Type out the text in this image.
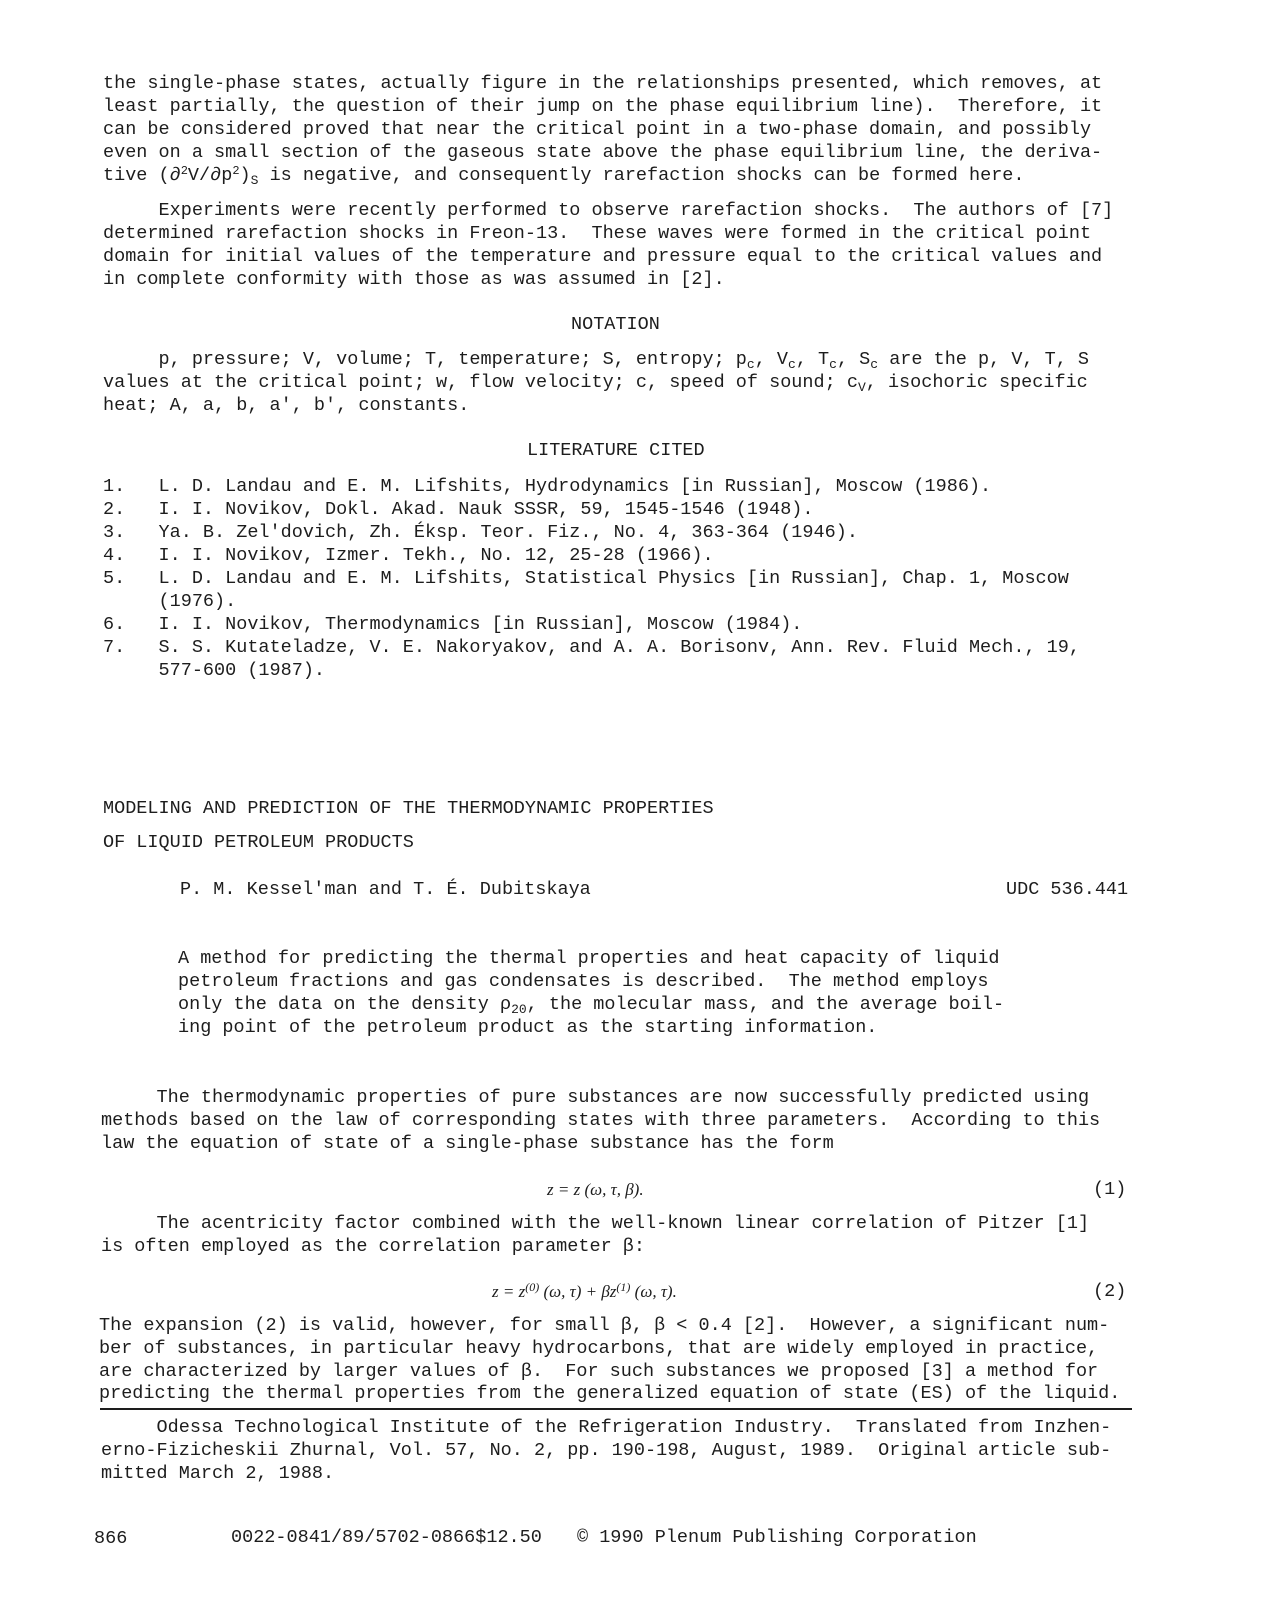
the single-phase states, actually figure in the relationships presented, which removes, at
least partially, the question of their jump on the phase equilibrium line).  Therefore, it
can be considered proved that near the critical point in a two-phase domain, and possibly
even on a small section of the gaseous state above the phase equilibrium line, the deriva-
tive $(\partial^2V/\partial p^2)_S$ is negative, and consequently rarefaction shocks can be formed here.
Experiments were recently performed to observe rarefaction shocks.  The authors of [7]
determined rarefaction shocks in Freon-13.  These waves were formed in the critical point
domain for initial values of the temperature and pressure equal to the critical values and
in complete conformity with those as was assumed in [2].
NOTATION
p, pressure; V, volume; T, temperature; S, entropy; $p_c$, $V_c$, $T_c$, $S_c$ are the p, V, T, S
values at the critical point; w, flow velocity; c, speed of sound; $c_V$, isochoric specific
heat; A, a, b, a', b', constants.
LITERATURE CITED
1.   L. D. Landau and E. M. Lifshits, Hydrodynamics [in Russian], Moscow (1986).
2.   I. I. Novikov, Dokl. Akad. Nauk SSSR, 59, 1545-1546 (1948).
3.   Ya. B. Zel'dovich, Zh. Éksp. Teor. Fiz., No. 4, 363-364 (1946).
4.   I. I. Novikov, Izmer. Tekh., No. 12, 25-28 (1966).
5.   L. D. Landau and E. M. Lifshits, Statistical Physics [in Russian], Chap. 1, Moscow
(1976).
6.   I. I. Novikov, Thermodynamics [in Russian], Moscow (1984).
7.   S. S. Kutateladze, V. E. Nakoryakov, and A. A. Borisonv, Ann. Rev. Fluid Mech., 19,
577-600 (1987).
MODELING AND PREDICTION OF THE THERMODYNAMIC PROPERTIES
OF LIQUID PETROLEUM PRODUCTS
P. M. Kessel'man and T. É. Dubitskaya	UDC 536.441
A method for predicting the thermal properties and heat capacity of liquid
petroleum fractions and gas condensates is described.  The method employs
only the data on the density $\rho_{20}$, the molecular mass, and the average boil-
ing point of the petroleum product as the starting information.
The thermodynamic properties of pure substances are now successfully predicted using
methods based on the law of corresponding states with three parameters.  According to this
law the equation of state of a single-phase substance has the form
z = z (ω, τ, β).	(1)
The acentricity factor combined with the well-known linear correlation of Pitzer [1]
is often employed as the correlation parameter β:
$z = z^{(0)}$ (ω, $\tau) + \beta z^{(1)}$ (ω, τ).	(2)
The expansion (2) is valid, however, for small β, β < 0.4 [2].  However, a significant num-
ber of substances, in particular heavy hydrocarbons, that are widely employed in practice,
are characterized by larger values of β.  For such substances we proposed [3] a method for
predicting the thermal properties from the generalized equation of state (ES) of the liquid.
Odessa Technological Institute of the Refrigeration Industry.  Translated from Inzhen-
erno-Fizicheskii Zhurnal, Vol. 57, No. 2, pp. 190-198, August, 1989.  Original article sub-
mitted March 2, 1988.
866	0022-0841/89/5702-0866$12.50 © 1990 Plenum Publishing Corporation
